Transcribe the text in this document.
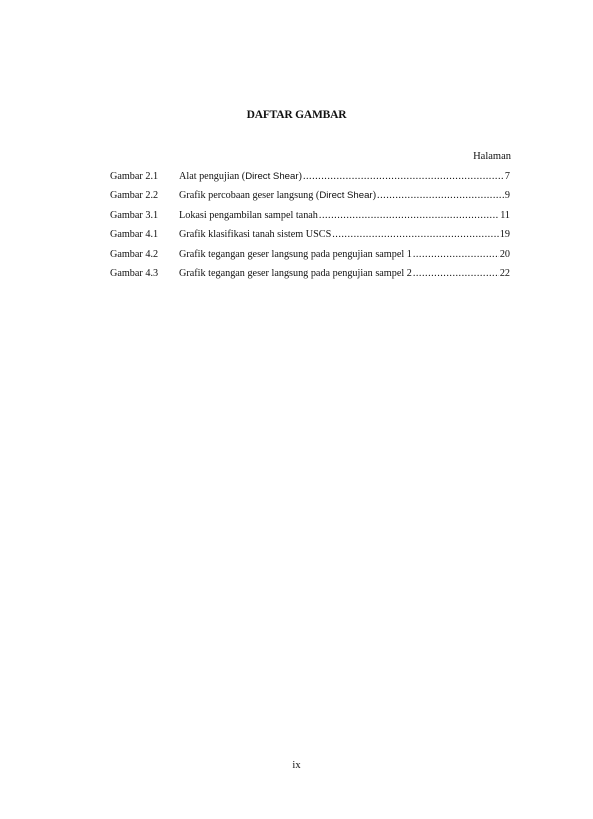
DAFTAR GAMBAR
Halaman
Gambar 2.1	Alat pengujian (Direct Shear) .....	7
Gambar 2.2	Grafik percobaan geser langsung (Direct Shear) .....	9
Gambar 3.1	Lokasi pengambilan sampel tanah .....	11
Gambar 4.1	Grafik klasifikasi tanah sistem USCS .....	19
Gambar 4.2	Grafik tegangan geser langsung pada pengujian sampel 1 .....	20
Gambar 4.3	Grafik tegangan geser langsung pada pengujian sampel 2 .....	22
ix
